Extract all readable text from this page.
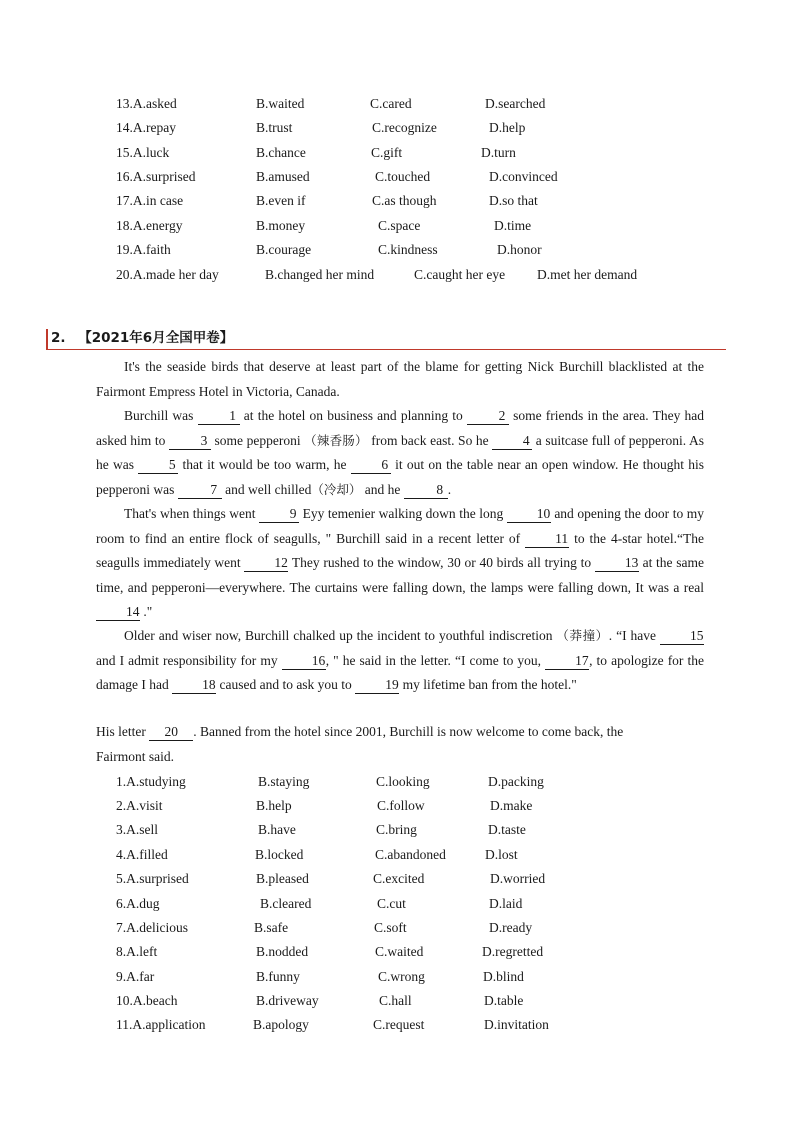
13.A.asked	B.waited	C.cared	D.searched
14.A.repay	B.trust	C.recognize	D.help
15.A.luck	B.chance	C.gift	D.turn
16.A.surprised	B.amused	C.touched	D.convinced
17.A.in case	B.even if	C.as though	D.so that
18.A.energy	B.money	C.space	D.time
19.A.faith	B.courage	C.kindness	D.honor
20.A.made her day	B.changed her mind	C.caught her eye D.met her demand
2. 【2021年6月全国甲卷】
It's the seaside birds that deserve at least part of the blame for getting Nick Burchill blacklisted at the Fairmont Empress Hotel in Victoria, Canada.
Burchill was 1 at the hotel on business and planning to 2 some friends in the area. They had asked him to 3 some pepperoni （辣香肠） from back east. So he 4 a suitcase full of pepperoni. As he was 5 that it would be too warm, he 6 it out on the table near an open window. He thought his pepperoni was 7 and well chilled（冷却） and he 8 .
That's when things went 9 Eyy temenier walking down the long 10 and opening the door to my room to find an entire flock of seagulls, " Burchill said in a recent letter of 11 to the 4-star hotel.“The seagulls immediately went 12 They rushed to the window, 30 or 40 birds all trying to 13 at the same time, and pepperoni—everywhere. The curtains were falling down, the lamps were falling down, It was a real 14 ."
Older and wiser now, Burchill chalked up the incident to youthful indiscretion （莽撞）. “I have 15 and I admit responsibility for my 16, " he said in the letter. “I come to you, 17, to apologize for the damage I had 18 caused and to ask you to 19 my lifetime ban from the hotel."
His letter 20 . Banned from the hotel since 2001, Burchill is now welcome to come back, the
Fairmont said.
1.A.studying	B.staying	C.looking	D.packing
2.A.visit	B.help	C.follow	D.make
3.A.sell	B.have	C.bring	D.taste
4.A.filled	B.locked	C.abandoned	D.lost
5.A.surprised	B.pleased	C.excited	D.worried
6.A.dug	B.cleared	C.cut	D.laid
7.A.delicious	B.safe	C.soft	D.ready
8.A.left	B.nodded	C.waited	D.regretted
9.A.far	B.funny	C.wrong	D.blind
10.A.beach	B.driveway	C.hall	D.table
11.A.application	B.apology	C.request	D.invitation
